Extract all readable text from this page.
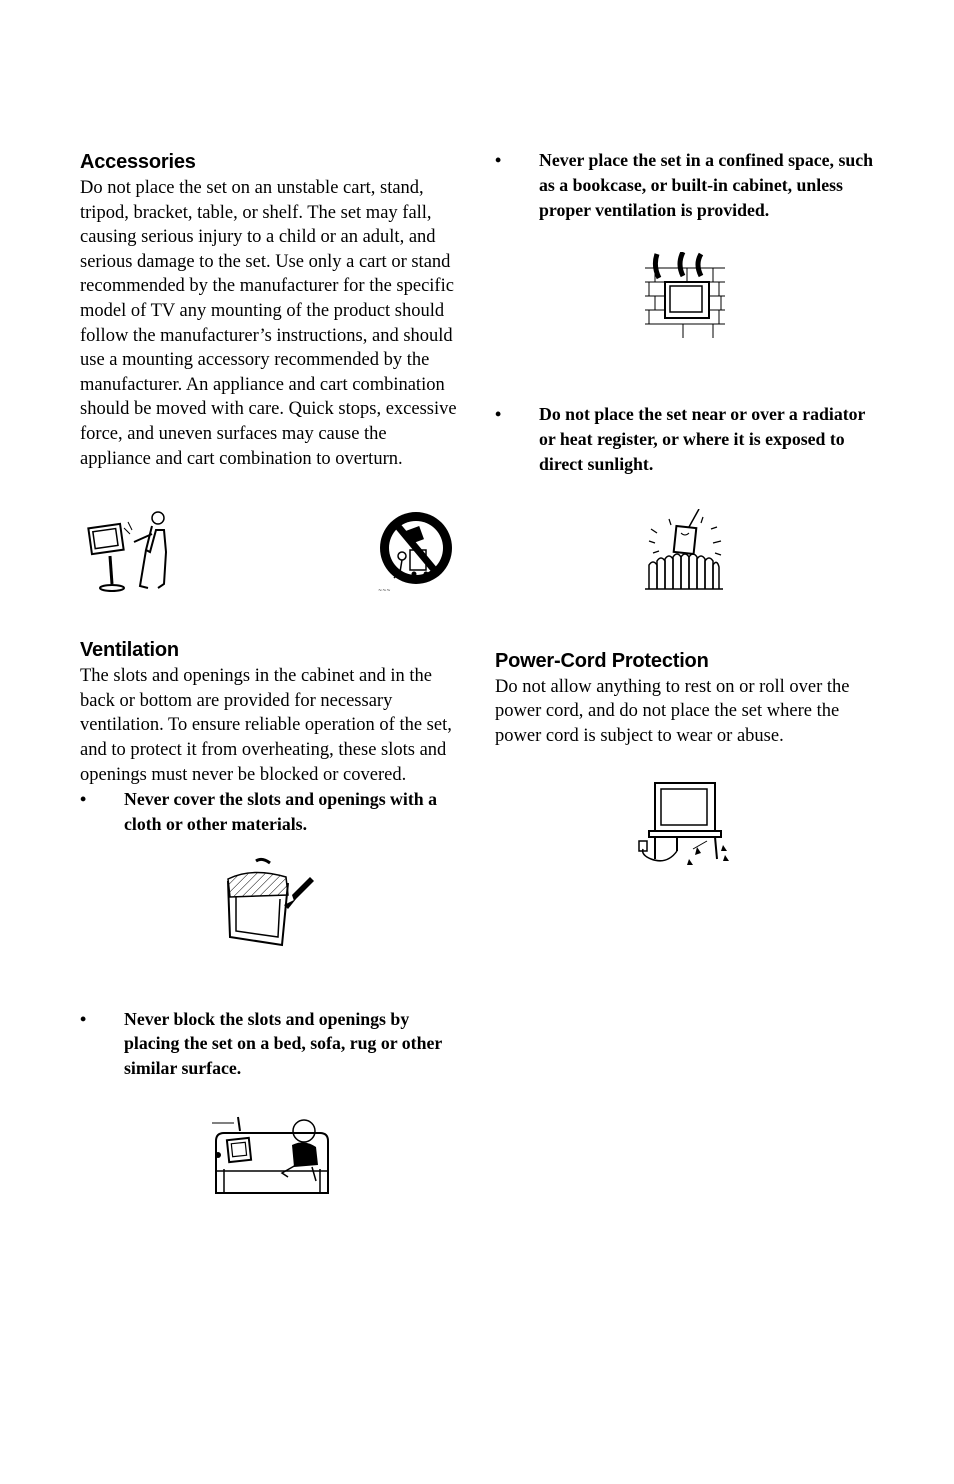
Accessories

Do not place the set on an unstable cart, stand, tripod, bracket, table, or shelf. The set may fall, causing serious injury to a child or an adult, and serious damage to the set. Use only a cart or stand recommended by the manufacturer for the specific model of TV any mounting of the product should follow the manufacturer’s instructions, and should use a mounting accessory recommended by the manufacturer. An appliance and cart combination should be moved with care. Quick stops, excessive force, and uneven surfaces may cause the appliance and cart combination to overturn.

~~~
Ventilation

The slots and openings in the cabinet and in the back or bottom are provided for necessary ventilation. To ensure reliable operation of the set, and to protect it from overheating, these slots and openings must never be blocked or covered.

• Never cover the slots and openings with a cloth or other materials.
• Never block the slots and openings by placing the set on a bed, sofa, rug or other similar surface.
• Never place the set in a confined space, such as a bookcase, or built-in cabinet, unless proper ventilation is provided.
• Do not place the set near or over a radiator or heat register, or where it is exposed to direct sunlight.
Power-Cord Protection

Do not allow anything to rest on or roll over the power cord, and do not place the set where the power cord is subject to wear or abuse.
